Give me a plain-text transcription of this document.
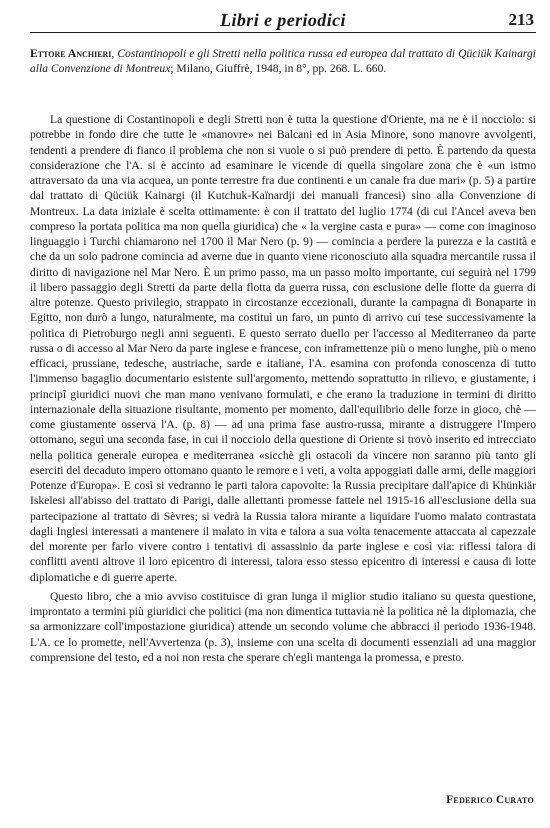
Libri e periodici	213
Ettore Anchieri, Costantinopoli e gli Stretti nella politica russa ed europea dal trattato di Qüciük Kainargi alla Convenzione di Montreux; Milano, Giuffrè, 1948, in 8°, pp. 268. L. 660.

La questione di Costantinopoli e degli Stretti non è tutta la questione d'Oriente, ma ne è il nocciolo: si potrebbe in fondo dire che tutte le «manovre» nei Balcani ed in Asia Minore, sono manovre avvolgenti, tendenti a prendere di fianco il problema che non si vuole o si può prendere di petto. È partendo da questa considerazione che l'A. si è accinto ad esaminare le vicende di quella singolare zona che è «un istmo attraversato da una via acquea, un ponte terrestre fra due continenti e un canale fra due mari» (p. 5) a partire dal trattato di Qüciük Kainargi (il Kutchuk-Kaïnardji dei manuali francesi) sino alla Convenzione di Montreux. La data iniziale è scelta ottimamente: è con il trattato del luglio 1774 (di cui l'Ancel aveva ben compreso la portata politica ma non quella giuridica) che « la vergine casta e pura» — come con imaginoso linguaggio i Turchi chiamarono nel 1700 il Mar Nero (p. 9) — comincia a perdere la purezza e la castità e che da un solo padrone comincia ad averne due in quanto viene riconosciuto alla squadra mercantile russa il diritto di navigazione nel Mar Nero. È un primo passo, ma un passo molto importante, cui seguirà nel 1799 il libero passaggio degli Stretti da parte della flotta da guerra russa, con esclusione delle flotte da guerra di altre potenze. Questo privilegio, strappato in circostanze eccezionali, durante la campagna di Bonaparte in Egitto, non durò a lungo, naturalmente, ma costituì un faro, un punto di arrivo cui tese successivamente la politica di Pietroburgo negli anni seguenti. E questo serrato duello per l'accesso al Mediterraneo da parte russa o di accesso al Mar Nero da parte inglese e francese, con inframettenze più o meno lunghe, più o meno efficaci, prussiane, tedesche, austriache, sarde e italiane, l'A. esamina con profonda conoscenza di tutto l'immenso bagaglio documentario esistente sull'argomento, mettendo soprattutto in rilievo, e giustamente, i principî giuridici nuovi che man mano venivano formulati, e che erano la traduzione in termini di diritto internazionale della situazione risultante, momento per momento, dall'equilibrio delle forze in gioco, chè — come giustamente osserva l'A. (p. 8) — ad una prima fase austro-russa, mirante a distruggere l'Impero ottomano, seguì una seconda fase, in cui il nocciolo della questione di Oriente si trovò inserito ed intrecciato nella politica generale europea e mediterranea «sicchè gli ostacoli da vincere non saranno più tanto gli eserciti del decaduto impero ottomano quanto le remore e i veti, a volta appoggiati dalle armi, delle maggiori Potenze d'Europa». E così si vedranno le parti talora capovolte: la Russia precipitare dall'apice di Khünkiär Iskelesi all'abisso del trattato di Parigi, dalle allettanti promesse fattele nel 1915-16 all'esclusione della sua partecipazione al trattato di Sèvres; si vedrà la Russia talora mirante a liquidare l'uomo malato contrastata dagli Inglesi interessati a mantenere il malato in vita e talora a sua volta tenacemente attaccata al capezzale del morente per farlo vivere contro i tentativi di assassinio da parte inglese e così via: riflessi talora di conflitti aventi altrove il loro epicentro di interessi, talora esso stesso epicentro di interessi e causa di lotte diplomatiche e di guerre aperte.

Questo libro, che a mio avviso costituisce di gran lunga il miglior studio italiano su questa questione, improntato a termini più giuridici che politici (ma non dimentica tuttavia nè la politica nè la diplomazia, che sa armonizzare coll'impostazione giuridica) attende un secondo volume che abbracci il periodo 1936-1948. L'A. ce lo promette, nell'Avvertenza (p. 3), insieme con una scelta di documenti essenziali ad una maggior comprensione del testo, ed a noi non resta che sperare ch'egli mantenga la promessa, e presto.

Federico Curato
